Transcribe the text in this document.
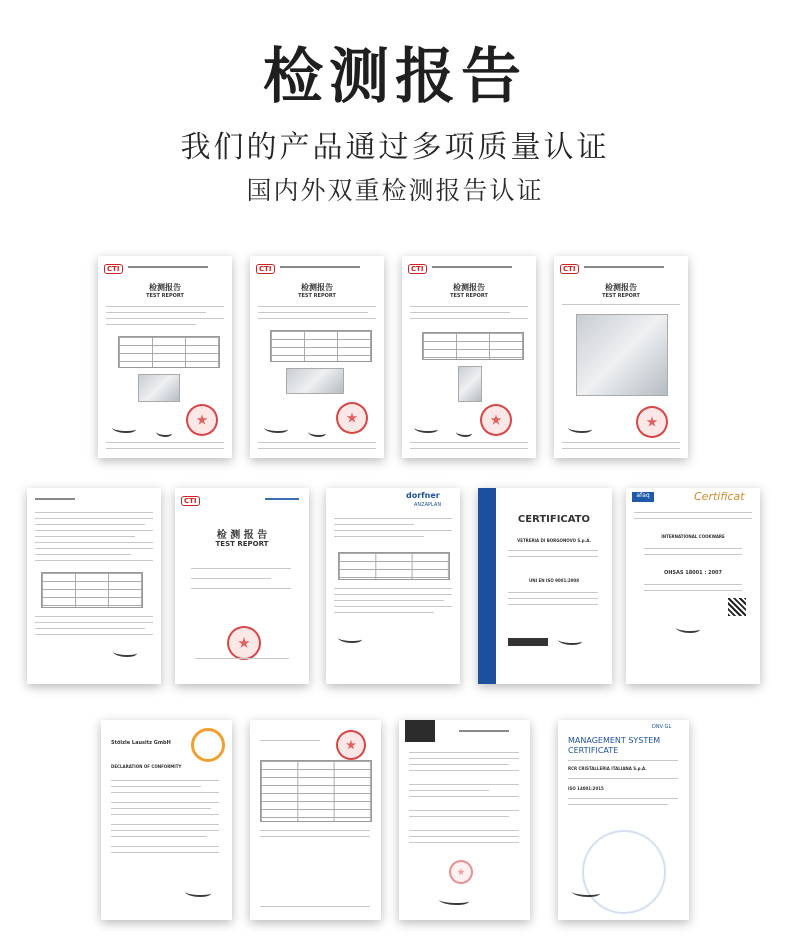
检测报告
我们的产品通过多项质量认证
国内外双重检测报告认证
CTI
检测报告
TEST REPORT
CTI
检测报告
TEST REPORT
CTI
检测报告
TEST REPORT
CTI
检测报告
TEST REPORT
CTI
检 测 报 告
TEST REPORT
dorfner
ANZAPLAN
CERTIFICATO
VETRERIA DI BORGONOVO S.p.A.
UNI EN ISO 9001:2008
afaq	Certificat
INTERNATIONAL COOKWARE
OHSAS 18001 : 2007
Stölzle Lausitz GmbH
DECLARATION OF CONFORMITY
DNV·GL
MANAGEMENT SYSTEM
CERTIFICATE
RCR CRISTALLERIA ITALIANA S.p.A.
ISO 14001:2015
